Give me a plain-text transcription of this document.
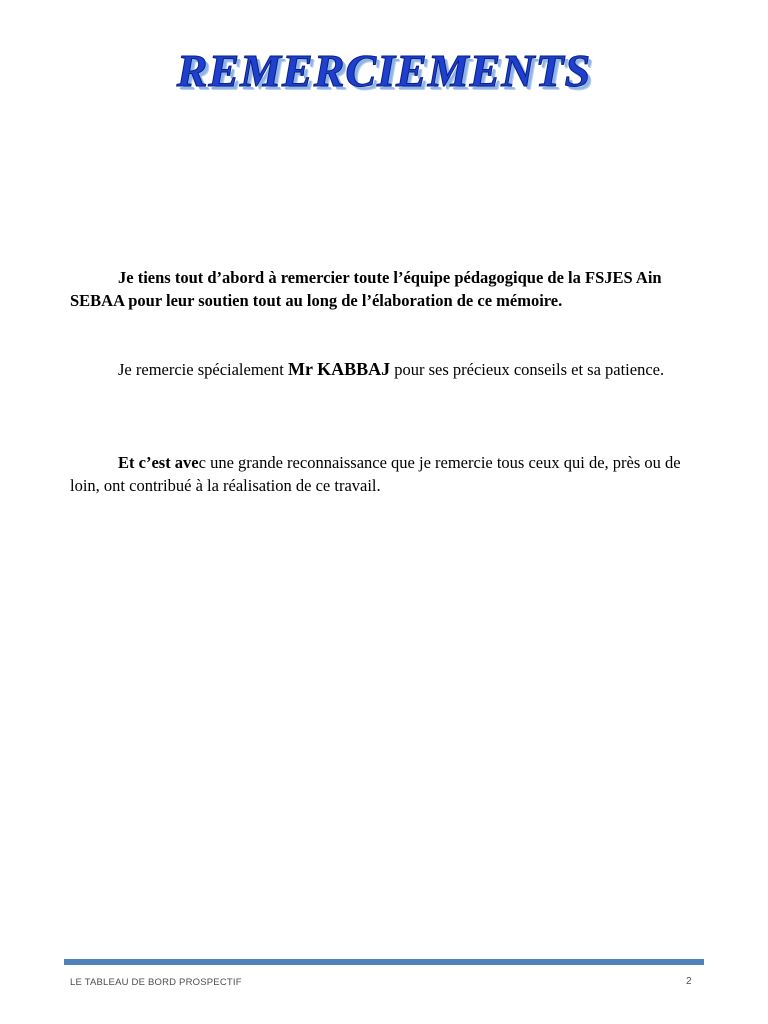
REMERCIEMENTS

Je tiens tout d’abord à remercier toute l’équipe pédagogique de la FSJES Ain SEBAA pour leur soutien tout au long de l’élaboration de ce mémoire.

Je remercie spécialement Mr KABBAJ pour ses précieux conseils et sa patience.

Et c’est avec une grande reconnaissance que je remercie tous ceux qui de, près ou de loin, ont contribué à la réalisation de ce travail.

LE TABLEAU DE BORD PROSPECTIF	2
